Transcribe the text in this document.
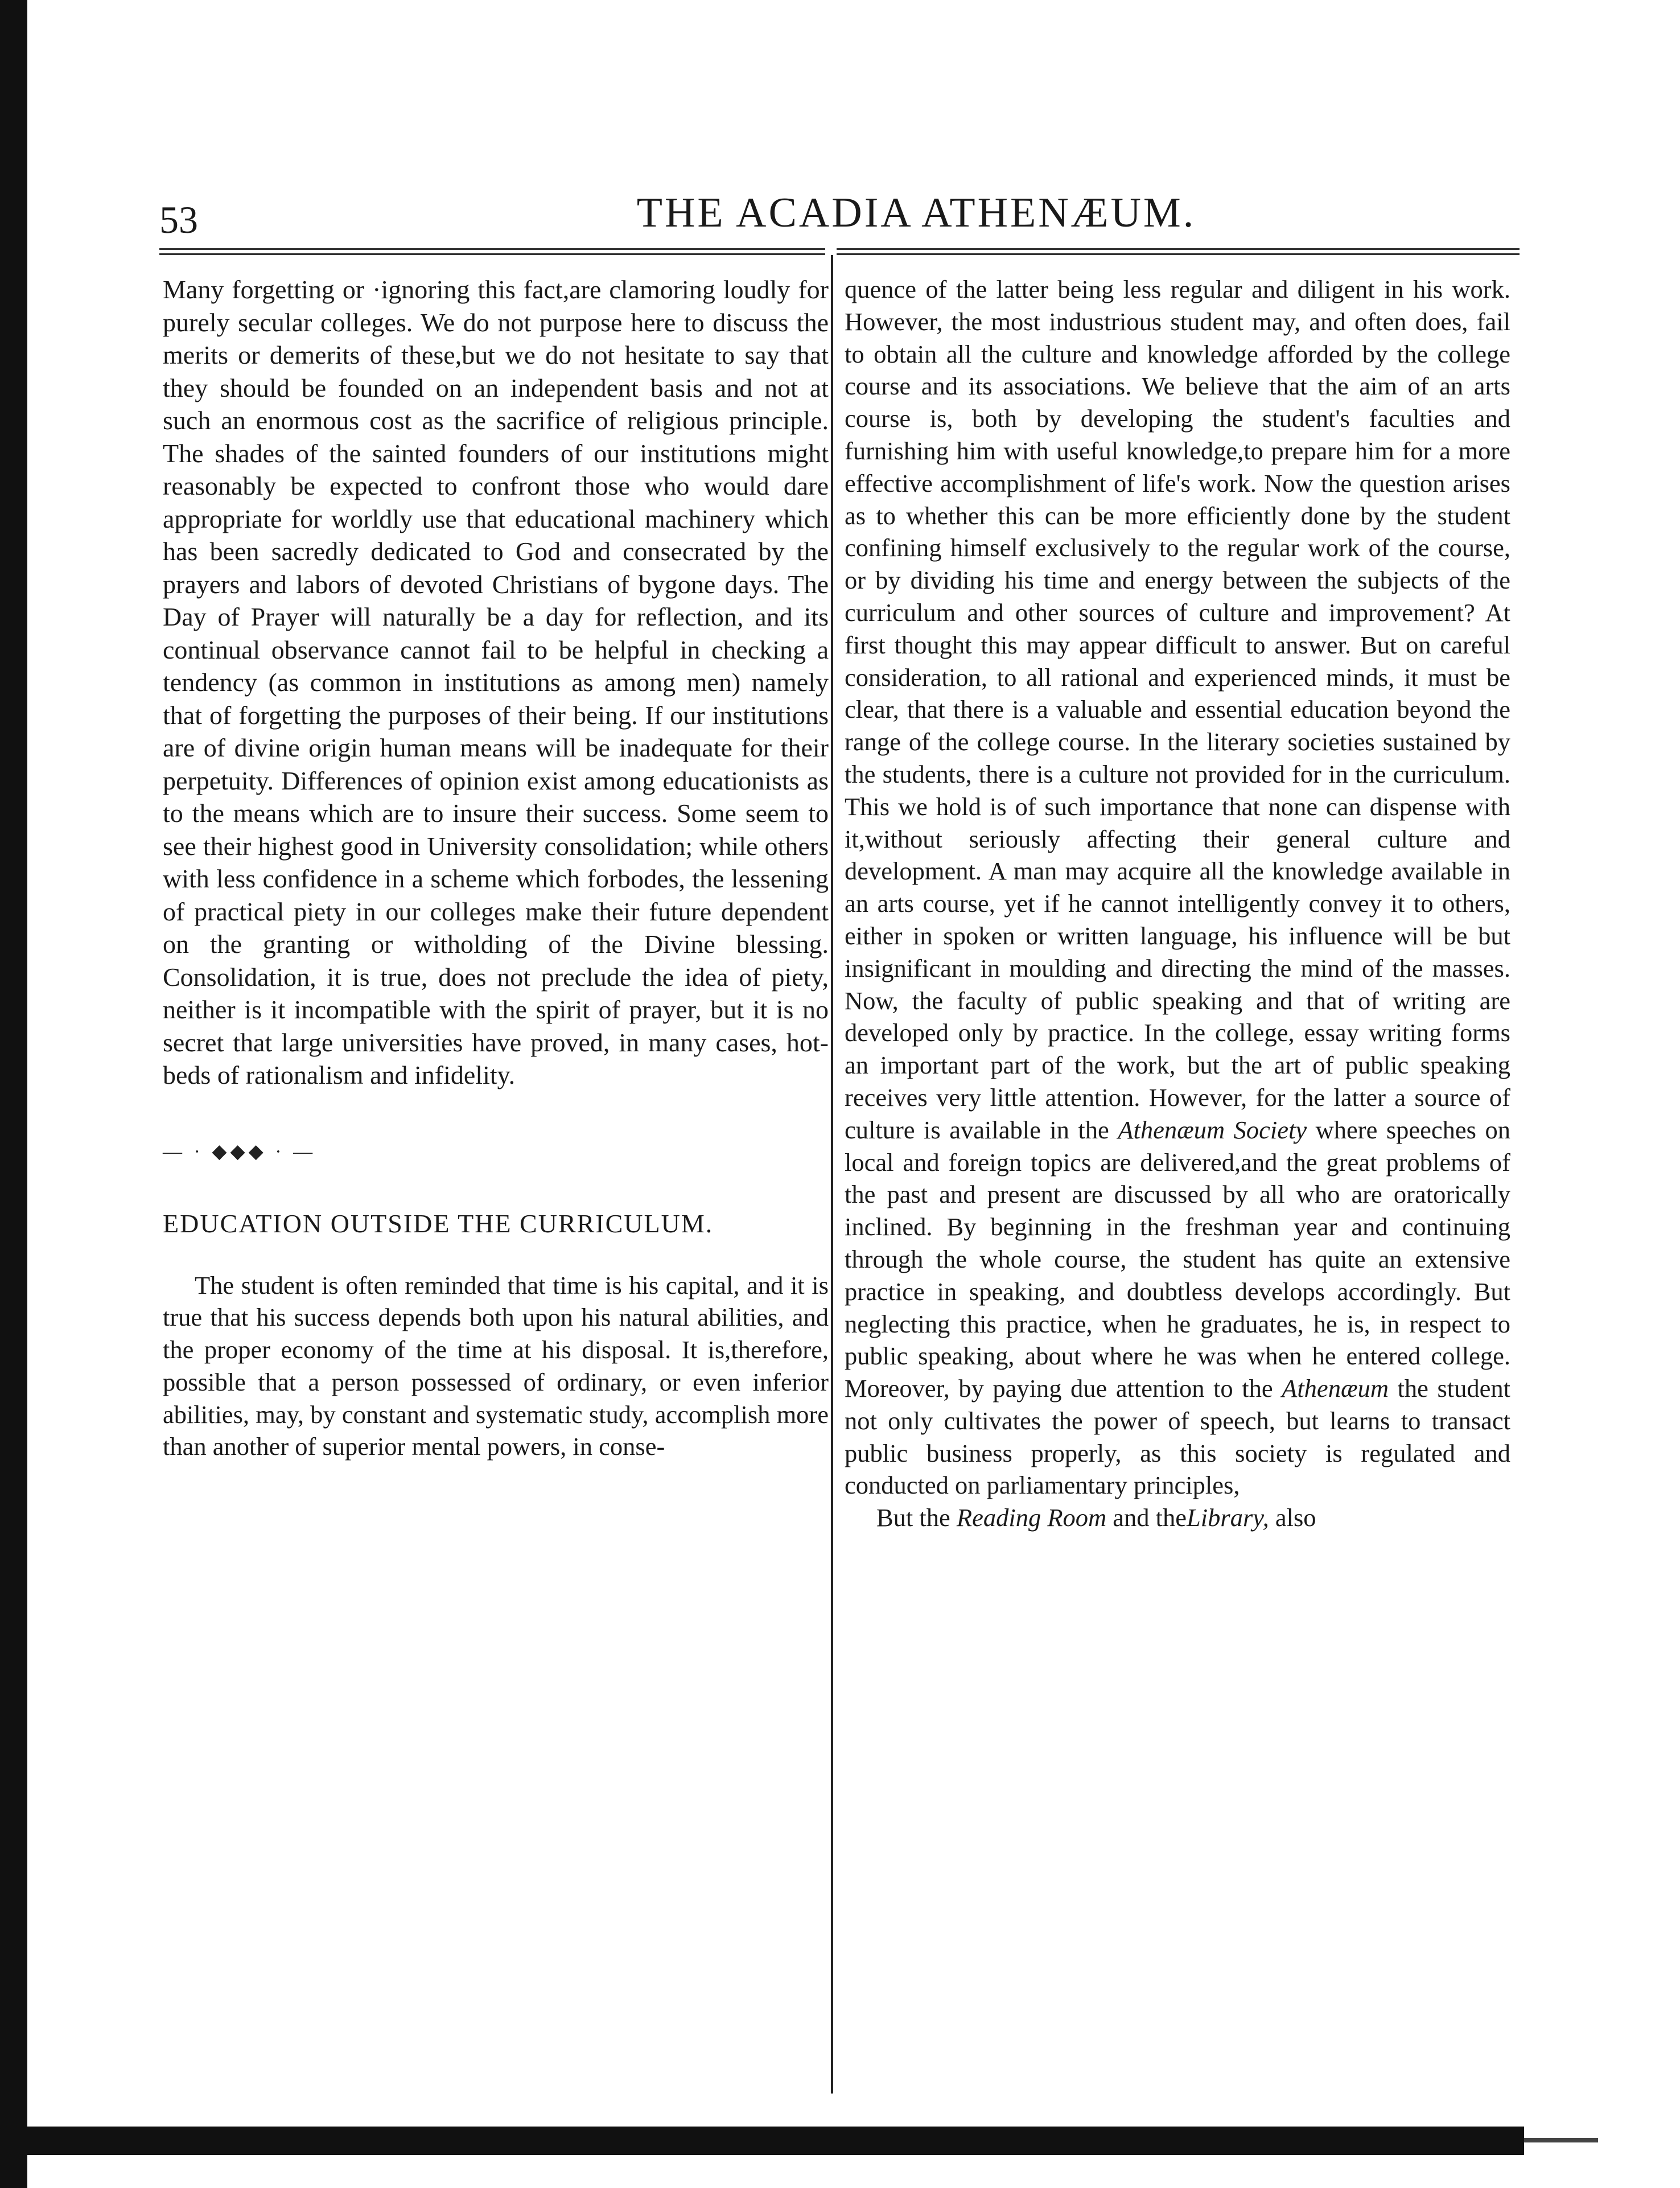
53	THE ACADIA ATHENÆUM.

Many forgetting or ·ignoring this fact,are clamoring loudly for purely secular colleges. We do not purpose here to discuss the merits or demerits of these,but we do not hesitate to say that they should be founded on an independent basis and not at such an enormous cost as the sacrifice of religious principle. The shades of the sainted founders of our institutions might reasonably be expected to confront those who would dare appropriate for worldly use that educational machinery which has been sacredly dedicated to God and consecrated by the prayers and labors of devoted Christians of bygone days. The Day of Prayer will naturally be a day for reflection, and its continual observance cannot fail to be helpful in checking a tendency (as common in institutions as among men) namely that of forgetting the purposes of their being. If our institutions are of divine origin human means will be inadequate for their perpetuity. Differences of opinion exist among educationists as to the means which are to insure their success. Some seem to see their highest good in University consolidation; while others with less confidence in a scheme which forbodes, the lessening of practical piety in our colleges make their future dependent on the granting or witholding of the Divine blessing. Consolidation, it is true, does not preclude the idea of piety, neither is it incompatible with the spirit of prayer, but it is no secret that large universities have proved, in many cases, hot-beds of rationalism and infidelity.

— · ◆◆◆ · —
EDUCATION OUTSIDE THE CURRICULUM.

The student is often reminded that time is his capital, and it is true that his success depends both upon his natural abilities, and the proper economy of the time at his disposal. It is,therefore, possible that a person possessed of ordinary, or even inferior abilities, may, by constant and systematic study, accomplish more than another of superior mental powers, in conse-

quence of the latter being less regular and diligent in his work. However, the most industrious student may, and often does, fail to obtain all the culture and knowledge afforded by the college course and its associations. We believe that the aim of an arts course is, both by developing the student's faculties and furnishing him with useful knowledge,to prepare him for a more effective accomplishment of life's work. Now the question arises as to whether this can be more efficiently done by the student confining himself exclusively to the regular work of the course, or by dividing his time and energy between the subjects of the curriculum and other sources of culture and improvement? At first thought this may appear difficult to answer. But on careful consideration, to all rational and experienced minds, it must be clear, that there is a valuable and essential education beyond the range of the college course. In the literary societies sustained by the students, there is a culture not provided for in the curriculum. This we hold is of such importance that none can dispense with it,without seriously affecting their general culture and development. A man may acquire all the knowledge available in an arts course, yet if he cannot intelligently convey it to others, either in spoken or written language, his influence will be but insignificant in moulding and directing the mind of the masses. Now, the faculty of public speaking and that of writing are developed only by practice. In the college, essay writing forms an important part of the work, but the art of public speaking receives very little attention. However, for the latter a source of culture is available in the Athenæum Society where speeches on local and foreign topics are delivered,and the great problems of the past and present are discussed by all who are oratorically inclined. By beginning in the freshman year and continuing through the whole course, the student has quite an extensive practice in speaking, and doubtless develops accordingly. But neglecting this practice, when he graduates, he is, in respect to public speaking, about where he was when he entered college. Moreover, by paying due attention to the Athenæum the student not only cultivates the power of speech, but learns to transact public business properly, as this society is regulated and conducted on parliamentary principles,

But the Reading Room and theLibrary, also
